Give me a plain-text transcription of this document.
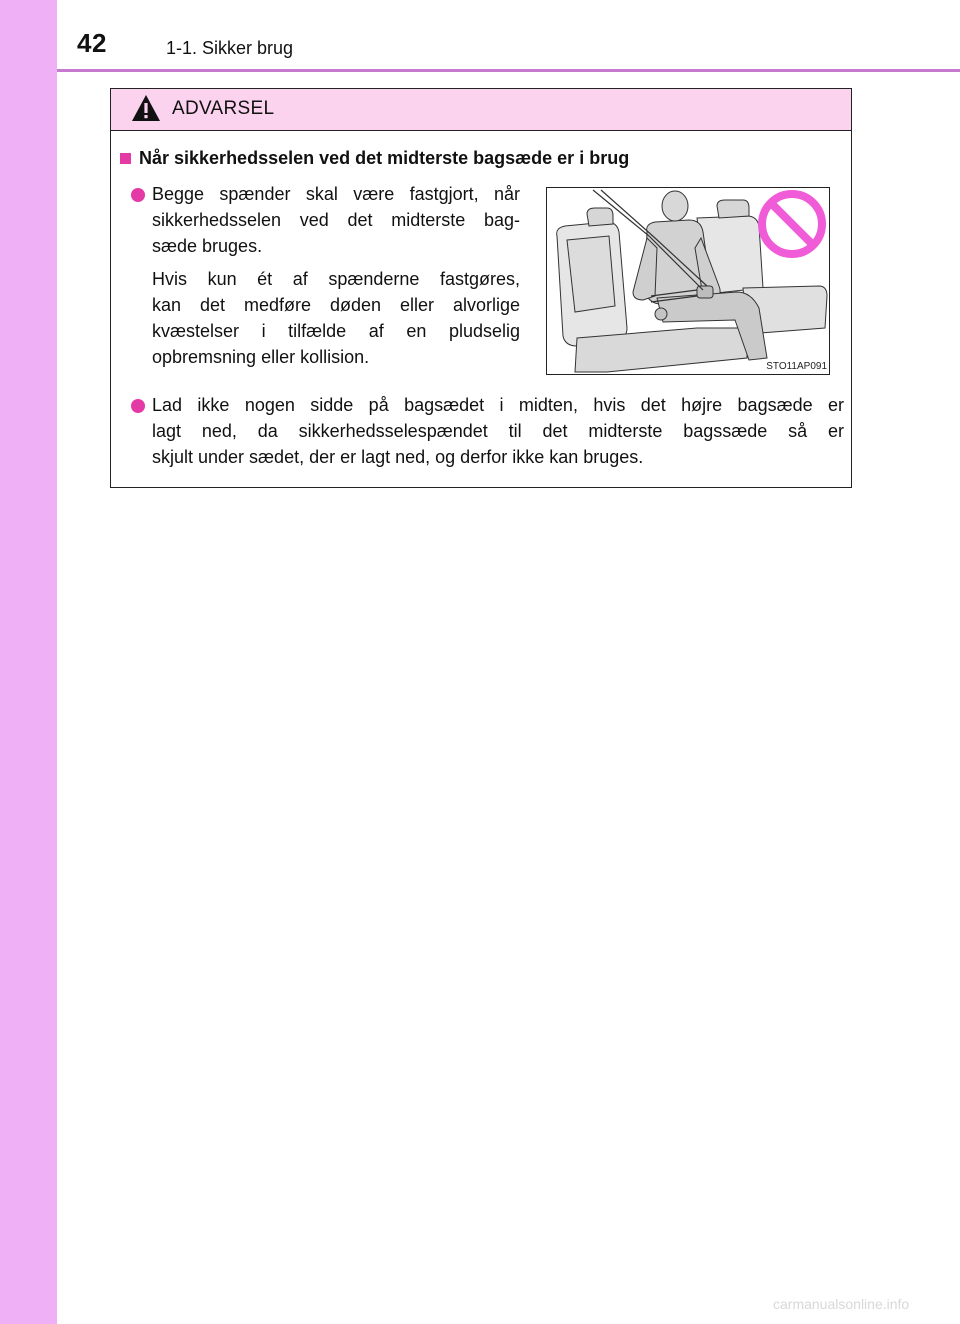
42	1-1. Sikker brug
ADVARSEL
Når sikkerhedsselen ved det midterste bagsæde er i brug
Begge spænder skal være fastgjort, når
sikkerhedsselen ved det midterste bag-
sæde bruges.
Hvis kun ét af spænderne fastgøres,
kan det medføre døden eller alvorlige
kvæstelser i tilfælde af en pludselig
opbremsning eller kollision.	STO11AP091
Lad ikke nogen sidde på bagsædet i midten, hvis det højre bagsæde er
lagt ned, da sikkerhedsselespændet til det midterste bagssæde så er
skjult under sædet, der er lagt ned, og derfor ikke kan bruges.
carmanualsonline.info
